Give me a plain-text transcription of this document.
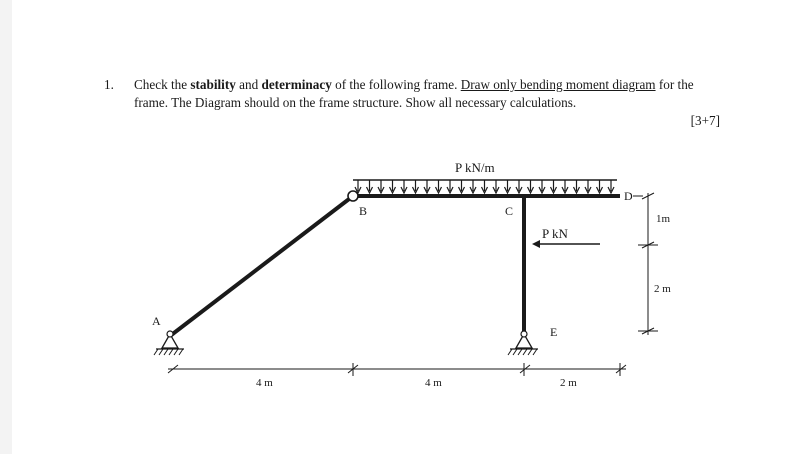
1. Check the stability and determinacy of the following frame. Draw only bending moment diagram for the frame. The Diagram should on the frame structure. Show all necessary calculations.
[3+7]
P kN/m
P kN
A
B	C
D
E
1m
2 m
4 m	4 m	2 m
